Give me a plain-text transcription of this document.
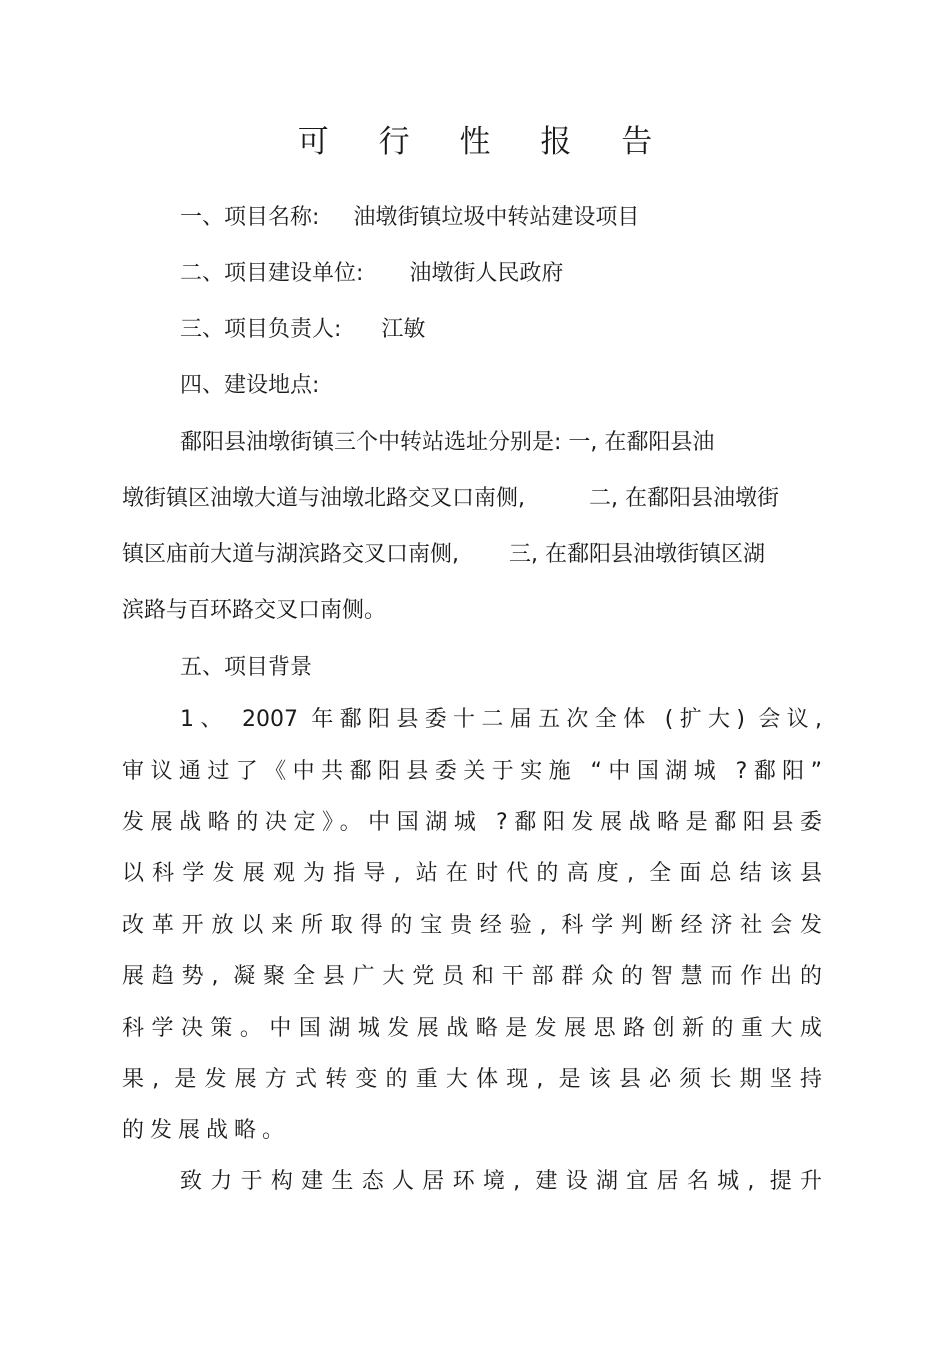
可 行 性 报 告
一、项目名称: 油墩街镇垃圾中转站建设项目
二、项目建设单位: 油墩街人民政府
三、项目负责人: 江敏
四、建设地点:
鄱阳县油墩街镇三个中转站选址分别是: 一, 在鄱阳县油
墩街镇区油墩大道与油墩北路交叉口南侧,	二, 在鄱阳县油墩街
镇区庙前大道与湖滨路交叉口南侧, 三, 在鄱阳县油墩街镇区湖
滨路与百环路交叉口南侧。
五、项目背景
1、 2007 年鄱阳县委十二届五次全体 (扩大) 会议,
审议通过了《中共鄱阳县委关于实施 “中国湖城 ?鄱阳”
发展战略的决定》。中国湖城 ?鄱阳发展战略是鄱阳县委
以科学发展观为指导, 站在时代的高度, 全面总结该县
改革开放以来所取得的宝贵经验, 科学判断经济社会发
展趋势, 凝聚全县广大党员和干部群众的智慧而作出的
科学决策。中国湖城发展战略是发展思路创新的重大成
果, 是发展方式转变的重大体现, 是该县必须长期坚持
的发展战略。
致力于构建生态人居环境, 建设湖宜居名城, 提升
